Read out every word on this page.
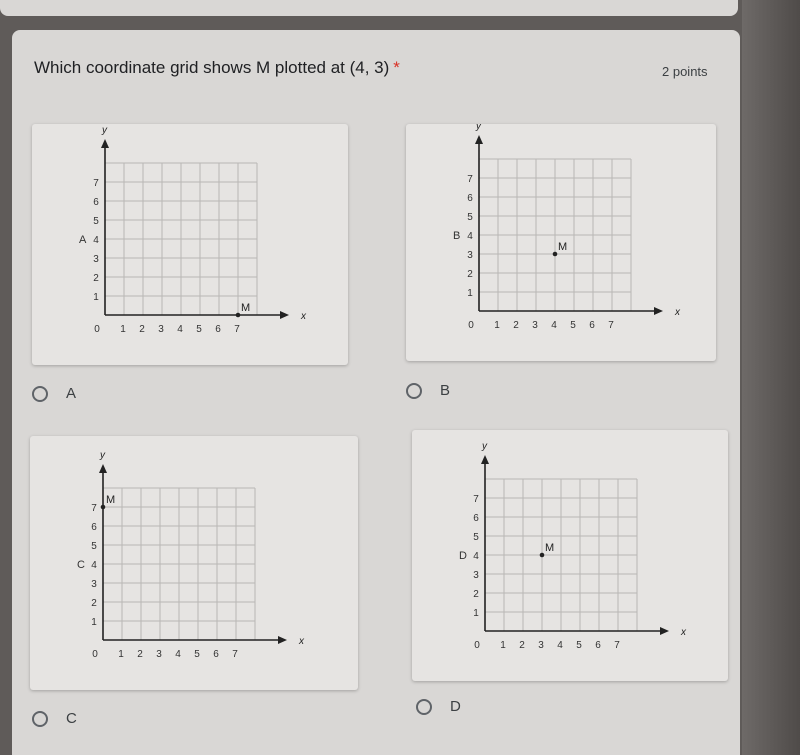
Which coordinate grid shows M plotted at (4, 3) *	2 points
x
y
0 1 2 3 4 5 6 7
1
2
3
4
5
6
7
A
M	x
y
0 1 2 3 4 5 6 7
1
2
3
4
5
6
7
B
M
x
y
0 1 2 3 4 5 6 7
1
2
3
4
5
6
7
C
M
x
y
0 1 2 3 4 5 6 7
1
2
3
4
5
6
7
D
M
A	B
C
D
